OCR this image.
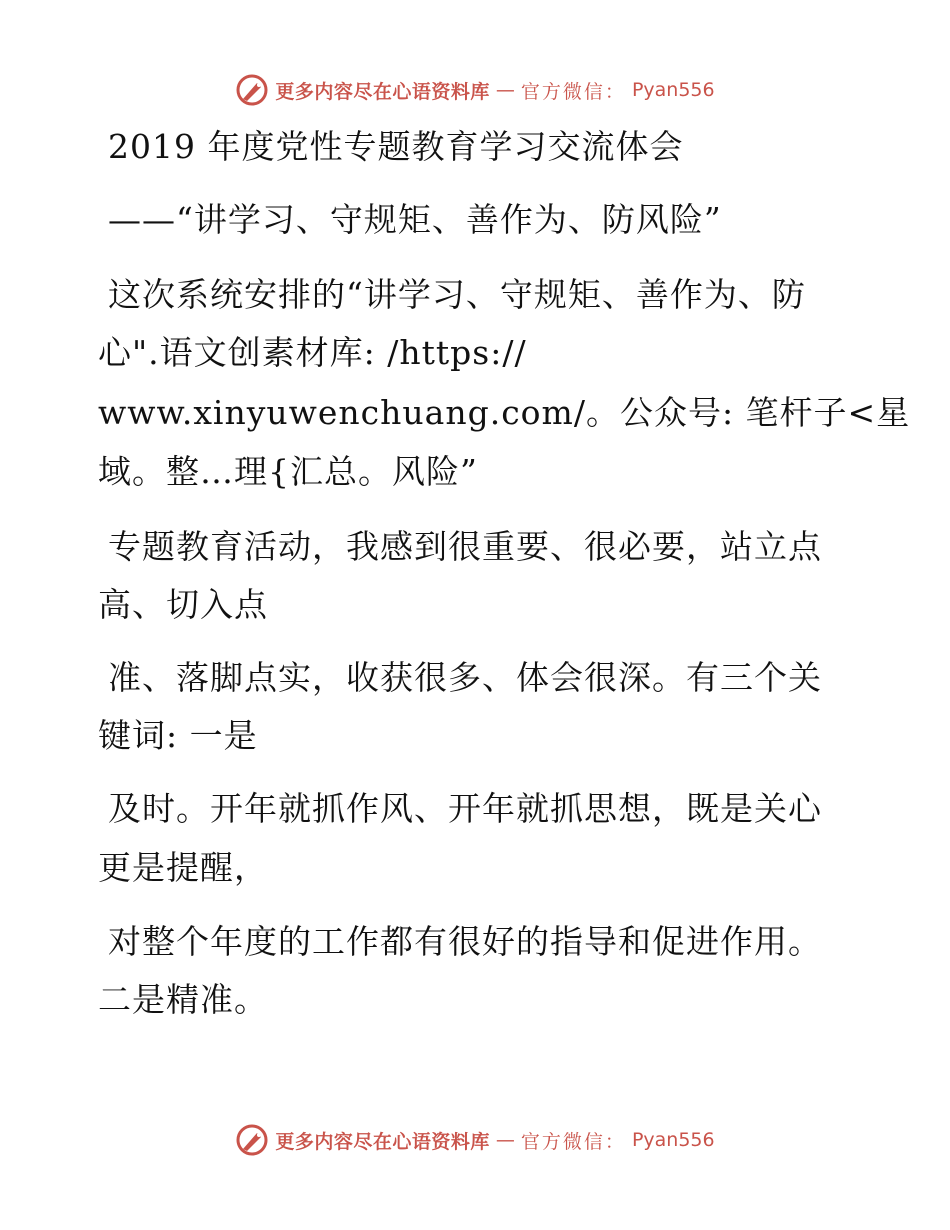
更多内容尽在心语资料库 — 官方微信： Pyan556
2019 年度党性专题教育学习交流体会
——“讲学习、守规矩、善作为、防风险”
这次系统安排的“讲学习、守规矩、善作为、防
心".语文创素材库: /https://
www.xinyuwenchuang.com/。公众号: 笔杆子<星
域。整…理{汇总。风险”
专题教育活动，我感到很重要、很必要，站立点
高、切入点
准、落脚点实，收获很多、体会很深。有三个关
键词: 一是
及时。开年就抓作风、开年就抓思想，既是关心
更是提醒，
对整个年度的工作都有很好的指导和促进作用。
二是精准。
更多内容尽在心语资料库 — 官方微信： Pyan556
